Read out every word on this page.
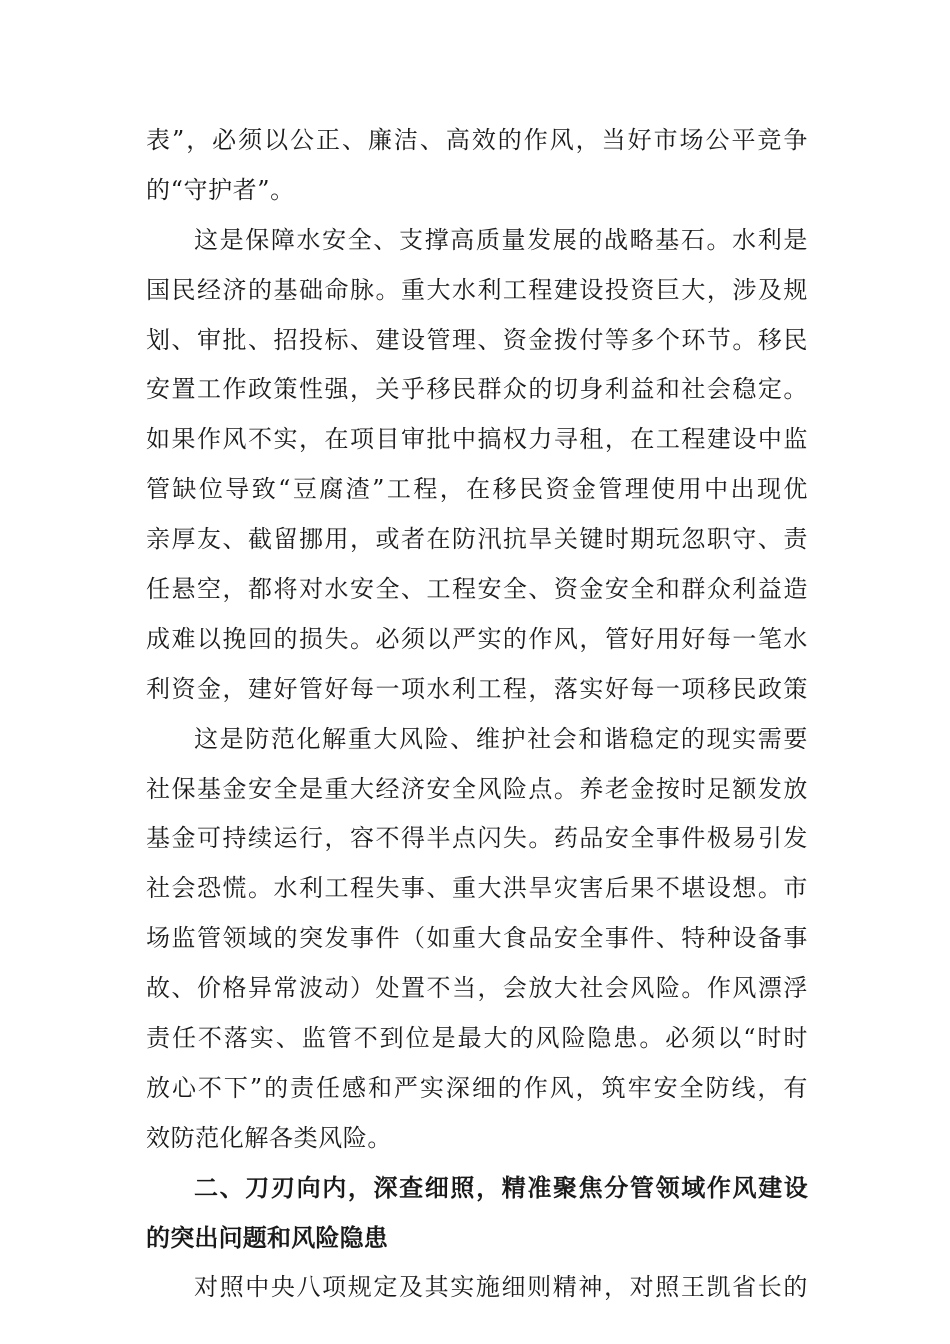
表”，必须以公正、廉洁、高效的作风，当好市场公平竞争
的“守护者”。
这是保障水安全、支撑高质量发展的战略基石。水利是
国民经济的基础命脉。重大水利工程建设投资巨大，涉及规
划、审批、招投标、建设管理、资金拨付等多个环节。移民
安置工作政策性强，关乎移民群众的切身利益和社会稳定。
如果作风不实，在项目审批中搞权力寻租，在工程建设中监
管缺位导致“豆腐渣”工程，在移民资金管理使用中出现优
亲厚友、截留挪用，或者在防汛抗旱关键时期玩忽职守、责
任悬空，都将对水安全、工程安全、资金安全和群众利益造
成难以挽回的损失。必须以严实的作风，管好用好每一笔水
利资金，建好管好每一项水利工程，落实好每一项移民政策
这是防范化解重大风险、维护社会和谐稳定的现实需要
社保基金安全是重大经济安全风险点。养老金按时足额发放
基金可持续运行，容不得半点闪失。药品安全事件极易引发
社会恐慌。水利工程失事、重大洪旱灾害后果不堪设想。市
场监管领域的突发事件（如重大食品安全事件、特种设备事
故、价格异常波动）处置不当，会放大社会风险。作风漂浮
责任不落实、监管不到位是最大的风险隐患。必须以“时时
放心不下”的责任感和严实深细的作风，筑牢安全防线，有
效防范化解各类风险。
二、刀刃向内，深查细照，精准聚焦分管领域作风建设
的突出问题和风险隐患
对照中央八项规定及其实施细则精神，对照王凯省长的
